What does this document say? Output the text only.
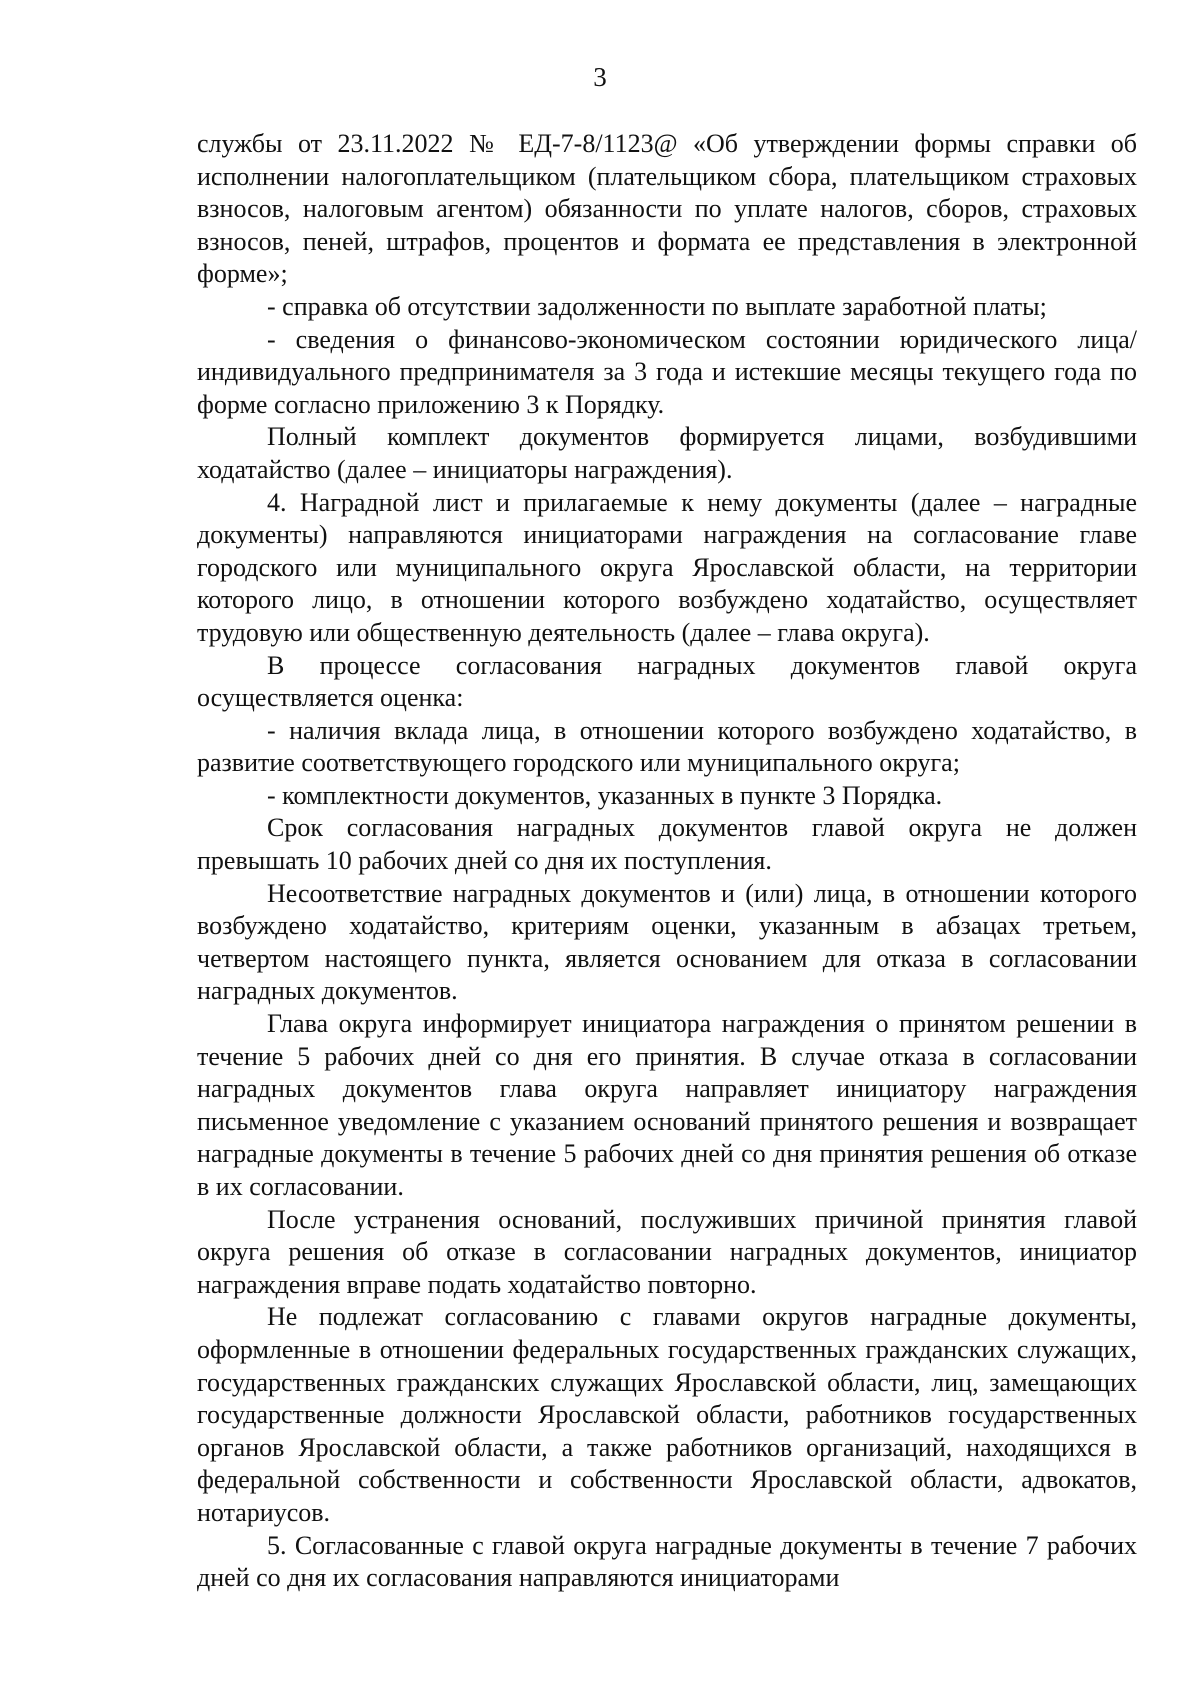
3

службы от 23.11.2022 № ЕД-7-8/1123@ «Об утверждении формы справки об исполнении налогоплательщиком (плательщиком сбора, плательщиком страховых взносов, налоговым агентом) обязанности по уплате налогов, сборов, страховых взносов, пеней, штрафов, процентов и формата ее представления в электронной форме»;

- справка об отсутствии задолженности по выплате заработной платы;

- сведения о финансово-экономическом состоянии юридического лица/ индивидуального предпринимателя за 3 года и истекшие месяцы текущего года по форме согласно приложению 3 к Порядку.

Полный комплект документов формируется лицами, возбудившими ходатайство (далее – инициаторы награждения).

4. Наградной лист и прилагаемые к нему документы (далее – наградные документы) направляются инициаторами награждения на согласование главе городского или муниципального округа Ярославской области, на территории которого лицо, в отношении которого возбуждено ходатайство, осуществляет трудовую или общественную деятельность (далее – глава округа).

В процессе согласования наградных документов главой округа осуществляется оценка:

- наличия вклада лица, в отношении которого возбуждено ходатайство, в развитие соответствующего городского или муниципального округа;

- комплектности документов, указанных в пункте 3 Порядка.

Срок согласования наградных документов главой округа не должен превышать 10 рабочих дней со дня их поступления.

Несоответствие наградных документов и (или) лица, в отношении которого возбуждено ходатайство, критериям оценки, указанным в абзацах третьем, четвертом настоящего пункта, является основанием для отказа в согласовании наградных документов.

Глава округа информирует инициатора награждения о принятом решении в течение 5 рабочих дней со дня его принятия. В случае отказа в согласовании наградных документов глава округа направляет инициатору награждения письменное уведомление с указанием оснований принятого решения и возвращает наградные документы в течение 5 рабочих дней со дня принятия решения об отказе в их согласовании.

После устранения оснований, послуживших причиной принятия главой округа решения об отказе в согласовании наградных документов, инициатор награждения вправе подать ходатайство повторно.

Не подлежат согласованию с главами округов наградные документы, оформленные в отношении федеральных государственных гражданских служащих, государственных гражданских служащих Ярославской области, лиц, замещающих государственные должности Ярославской области, работников государственных органов Ярославской области, а также работников организаций, находящихся в федеральной собственности и собственности Ярославской области, адвокатов, нотариусов.

5. Согласованные с главой округа наградные документы в течение 7 рабочих дней со дня их согласования направляются инициаторами
